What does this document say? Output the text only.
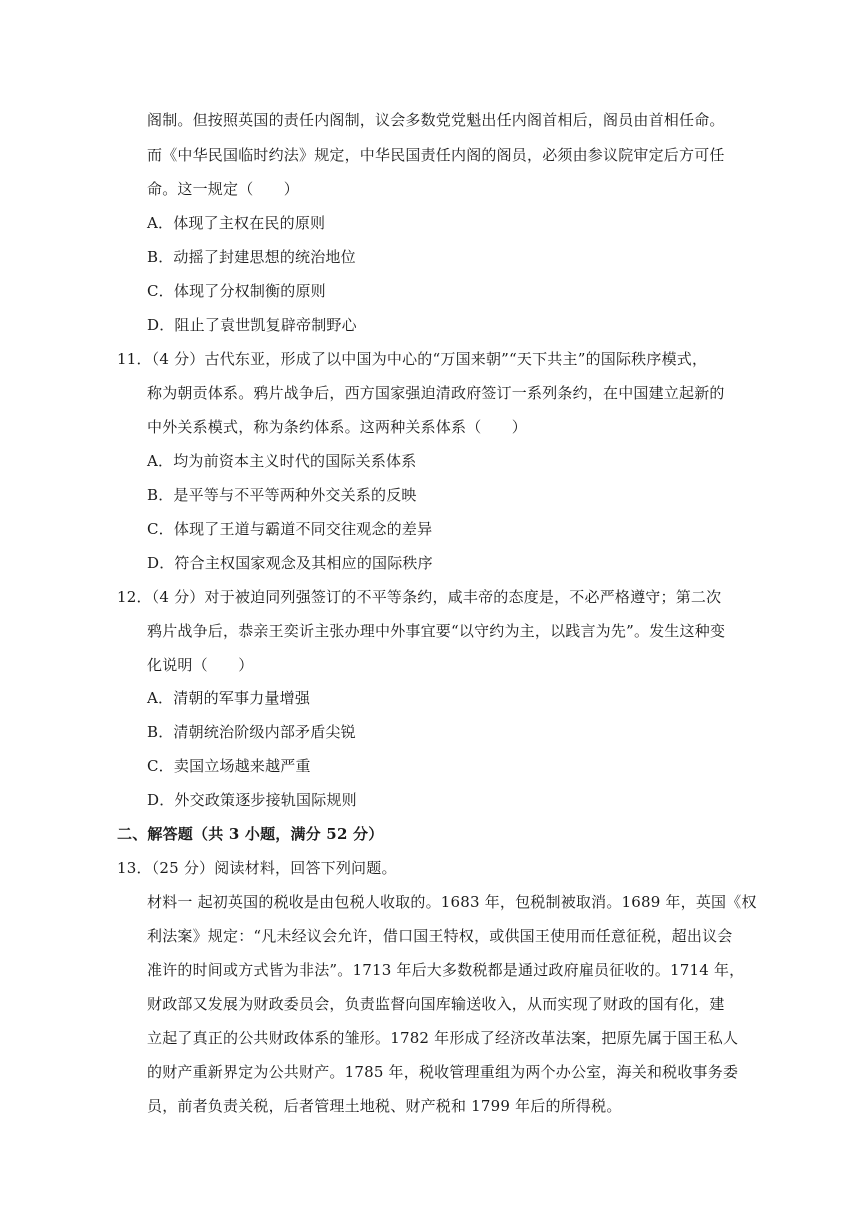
阁制。但按照英国的责任内阁制，议会多数党党魁出任内阁首相后，阁员由首相任命。
而《中华民国临时约法》规定，中华民国责任内阁的阁员，必须由参议院审定后方可任
命。这一规定（　　）
A．体现了主权在民的原则
B．动摇了封建思想的统治地位
C．体现了分权制衡的原则
D．阻止了袁世凯复辟帝制野心
11．（4 分）古代东亚，形成了以中国为中心的“万国来朝”“天下共主”的国际秩序模式，
称为朝贡体系。鸦片战争后，西方国家强迫清政府签订一系列条约，在中国建立起新的
中外关系模式，称为条约体系。这两种关系体系（　　）
A．均为前资本主义时代的国际关系体系
B．是平等与不平等两种外交关系的反映
C．体现了王道与霸道不同交往观念的差异
D．符合主权国家观念及其相应的国际秩序
12．（4 分）对于被迫同列强签订的不平等条约，咸丰帝的态度是，不必严格遵守；第二次
鸦片战争后，恭亲王奕䜣主张办理中外事宜要“以守约为主，以践言为先”。发生这种变
化说明（　　）
A．清朝的军事力量增强
B．清朝统治阶级内部矛盾尖锐
C．卖国立场越来越严重
D．外交政策逐步接轨国际规则
二、解答题（共 3 小题，满分 52 分）
13．（25 分）阅读材料，回答下列问题。
材料一 起初英国的税收是由包税人收取的。1683 年，包税制被取消。1689 年，英国《权
利法案》规定：“凡未经议会允许，借口国王特权，或供国王使用而任意征税，超出议会
准许的时间或方式皆为非法”。1713 年后大多数税都是通过政府雇员征收的。1714 年，
财政部又发展为财政委员会，负责监督向国库输送收入，从而实现了财政的国有化，建
立起了真正的公共财政体系的雏形。1782 年形成了经济改革法案，把原先属于国王私人
的财产重新界定为公共财产。1785 年，税收管理重组为两个办公室，海关和税收事务委
员，前者负责关税，后者管理土地税、财产税和 1799 年后的所得税。
